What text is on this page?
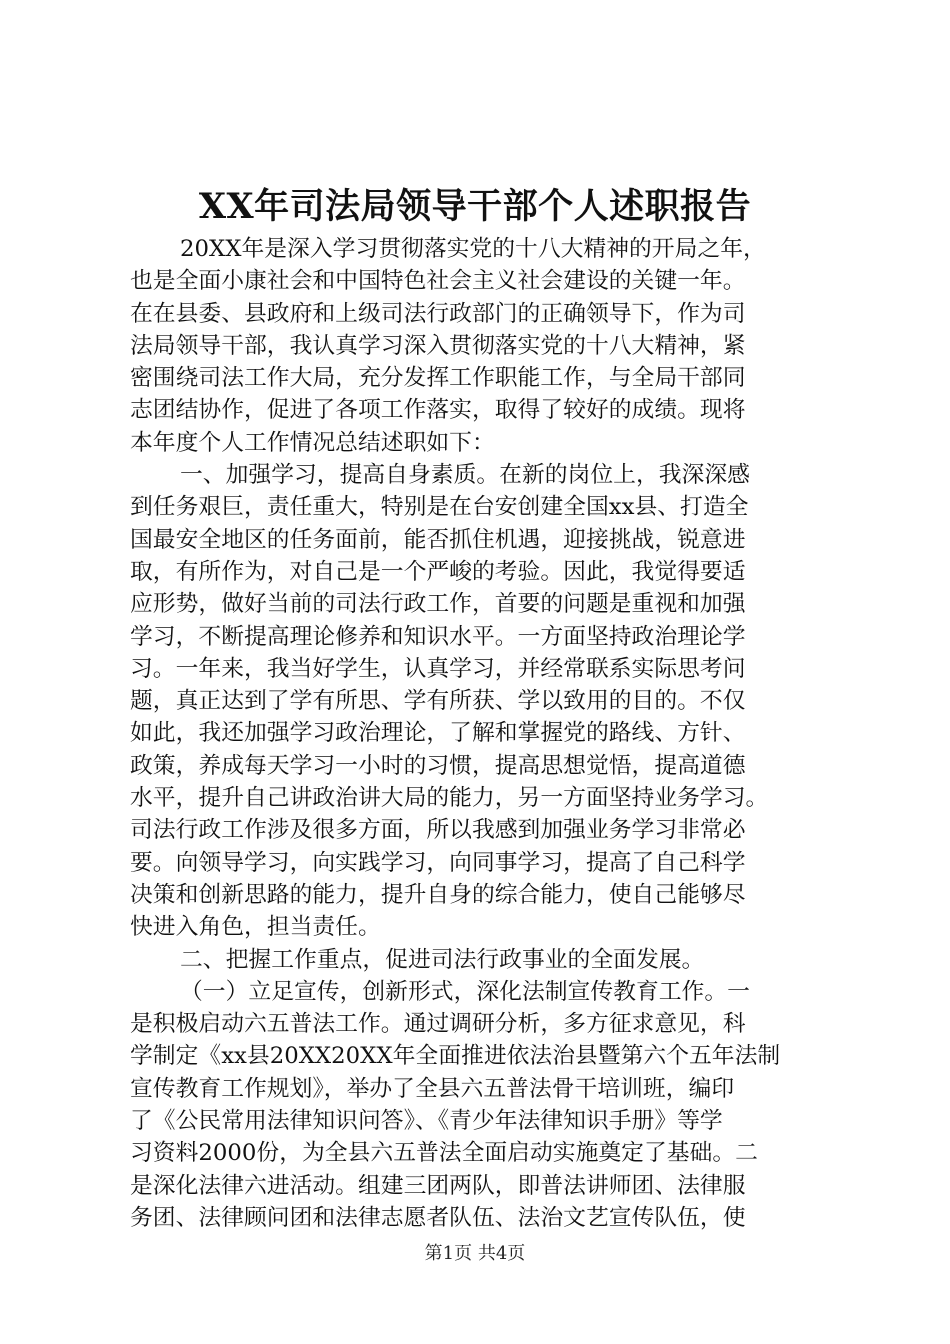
XX年司法局领导干部个人述职报告
20XX年是深入学习贯彻落实党的十八大精神的开局之年，
也是全面小康社会和中国特色社会主义社会建设的关键一年。
在在县委、县政府和上级司法行政部门的正确领导下，作为司
法局领导干部，我认真学习深入贯彻落实党的十八大精神，紧
密围绕司法工作大局，充分发挥工作职能工作，与全局干部同
志团结协作，促进了各项工作落实，取得了较好的成绩。现将
本年度个人工作情况总结述职如下：
一、加强学习，提高自身素质。在新的岗位上，我深深感
到任务艰巨，责任重大，特别是在台安创建全国xx县、打造全
国最安全地区的任务面前，能否抓住机遇，迎接挑战，锐意进
取，有所作为，对自己是一个严峻的考验。因此，我觉得要适
应形势，做好当前的司法行政工作，首要的问题是重视和加强
学习，不断提高理论修养和知识水平。一方面坚持政治理论学
习。一年来，我当好学生，认真学习，并经常联系实际思考问
题，真正达到了学有所思、学有所获、学以致用的目的。不仅
如此，我还加强学习政治理论，了解和掌握党的路线、方针、
政策，养成每天学习一小时的习惯，提高思想觉悟，提高道德
水平，提升自己讲政治讲大局的能力，另一方面坚持业务学习。
司法行政工作涉及很多方面，所以我感到加强业务学习非常必
要。向领导学习，向实践学习，向同事学习，提高了自己科学
决策和创新思路的能力，提升自身的综合能力，使自己能够尽
快进入角色，担当责任。
二、把握工作重点，促进司法行政事业的全面发展。
（一）立足宣传，创新形式，深化法制宣传教育工作。一
是积极启动六五普法工作。通过调研分析，多方征求意见，科
学制定《xx县20XX20XX年全面推进依法治县暨第六个五年法制
宣传教育工作规划》，举办了全县六五普法骨干培训班，编印
了《公民常用法律知识问答》、《青少年法律知识手册》等学
习资料2000份，为全县六五普法全面启动实施奠定了基础。二
是深化法律六进活动。组建三团两队，即普法讲师团、法律服
务团、法律顾问团和法律志愿者队伍、法治文艺宣传队伍，使
第1页 共4页
